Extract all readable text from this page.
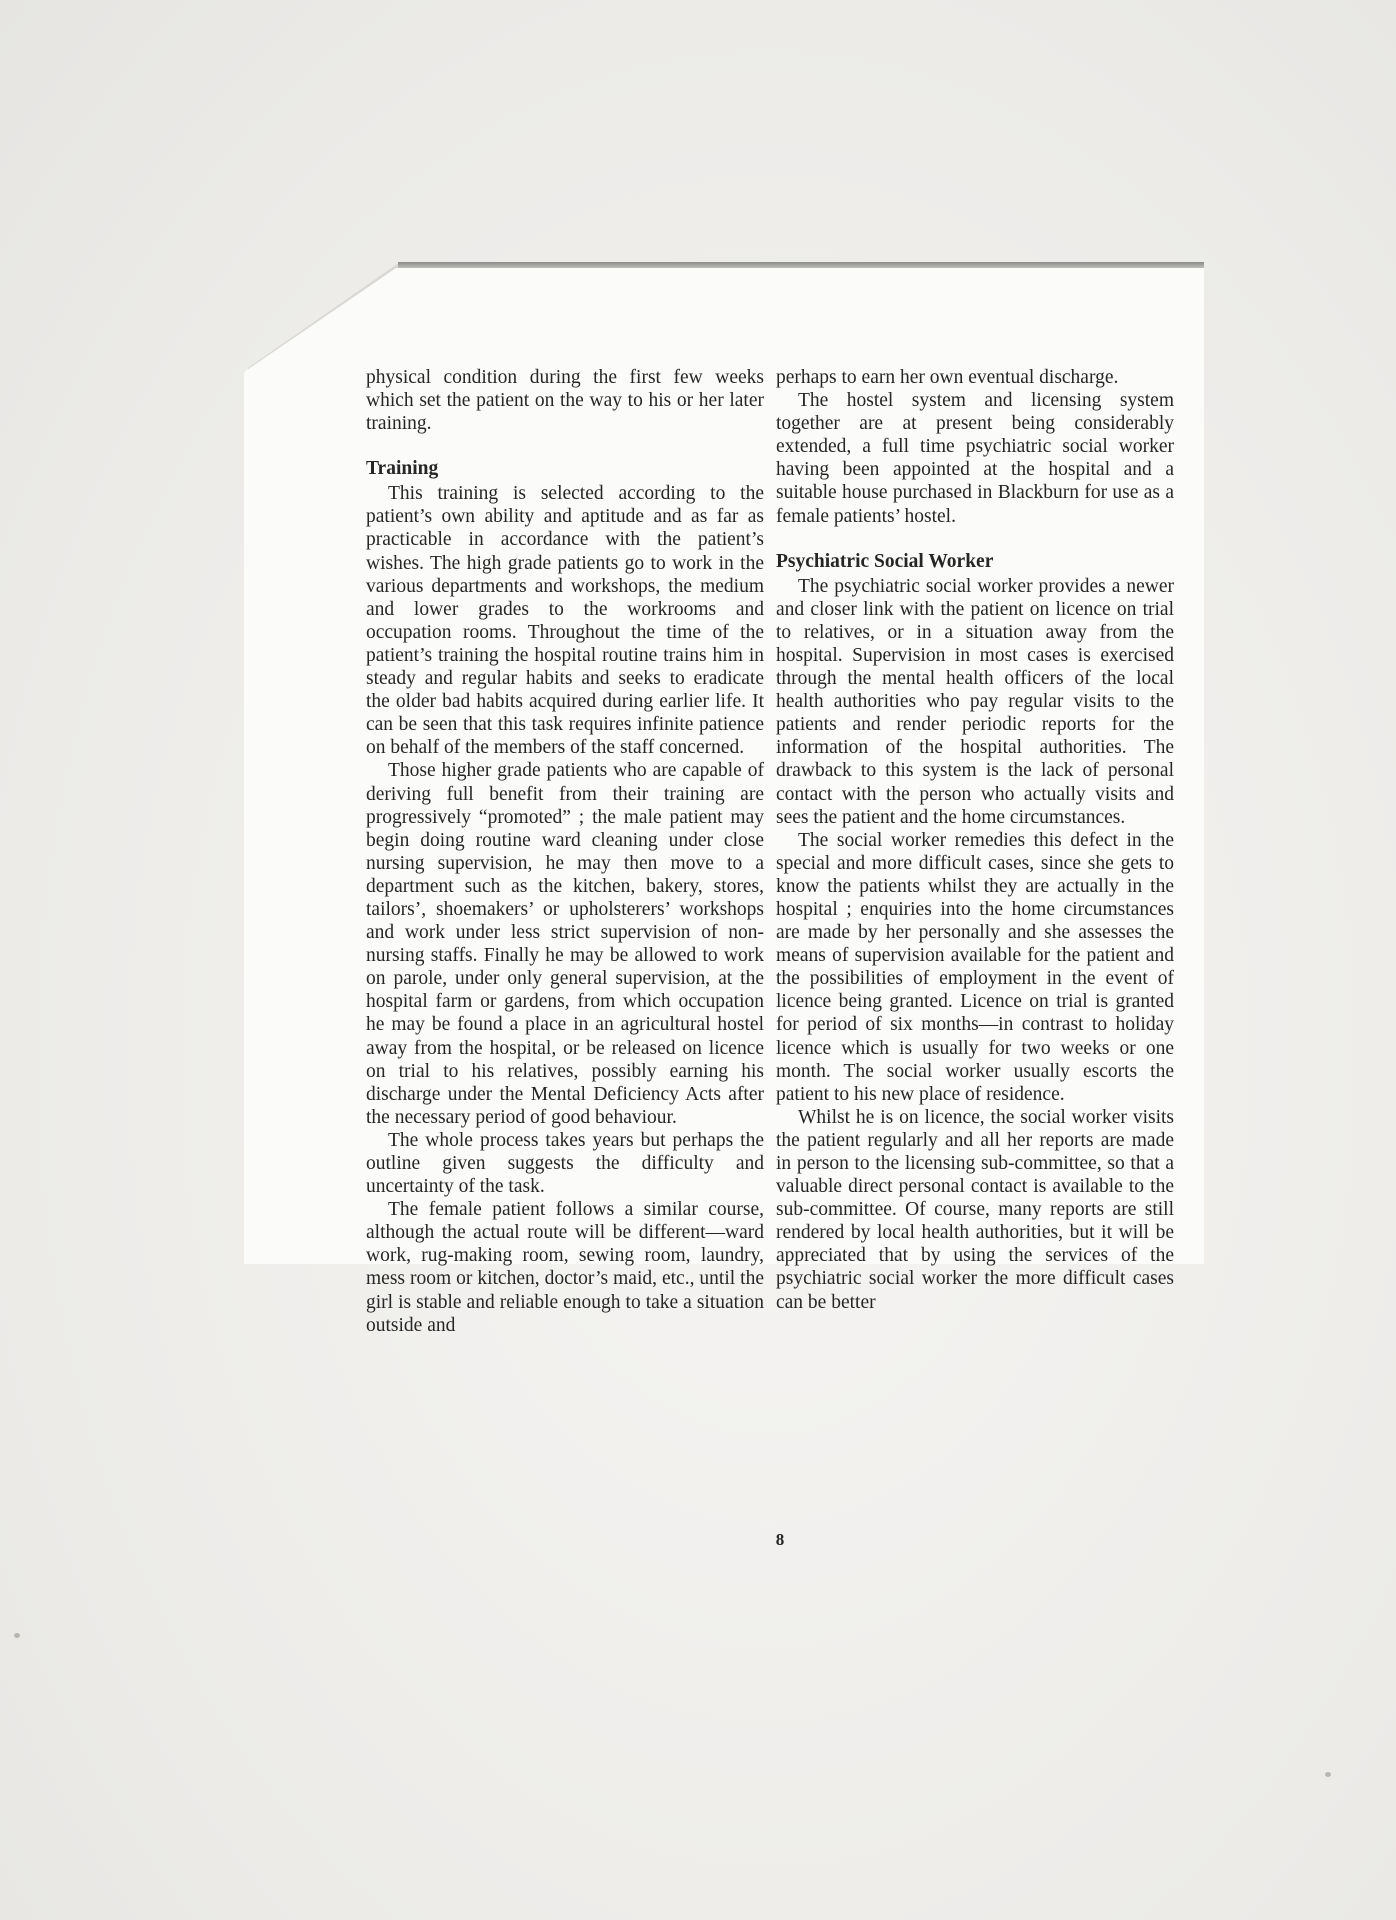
physical condition during the first few weeks which set the patient on the way to his or her later training.

Training

This training is selected according to the patient’s own ability and aptitude and as far as practicable in accordance with the patient’s wishes. The high grade patients go to work in the various departments and workshops, the medium and lower grades to the workrooms and occupation rooms. Throughout the time of the patient’s training the hospital routine trains him in steady and regular habits and seeks to eradicate the older bad habits acquired during earlier life. It can be seen that this task requires infinite patience on behalf of the members of the staff concerned.

Those higher grade patients who are capable of deriving full benefit from their training are progressively “promoted” ; the male patient may begin doing routine ward cleaning under close nursing supervision, he may then move to a department such as the kitchen, bakery, stores, tailors’, shoemakers’ or upholsterers’ workshops and work under less strict supervision of non-nursing staffs. Finally he may be allowed to work on parole, under only general supervision, at the hospital farm or gardens, from which occupation he may be found a place in an agricultural hostel away from the hospital, or be released on licence on trial to his relatives, possibly earning his discharge under the Mental Deficiency Acts after the necessary period of good behaviour.

The whole process takes years but perhaps the outline given suggests the difficulty and uncertainty of the task.

The female patient follows a similar course, although the actual route will be different—ward work, rug-making room, sewing room, laundry, mess room or kitchen, doctor’s maid, etc., until the girl is stable and reliable enough to take a situation outside and

perhaps to earn her own eventual discharge.

The hostel system and licensing system together are at present being considerably extended, a full time psychiatric social worker having been appointed at the hospital and a suitable house purchased in Blackburn for use as a female patients’ hostel.

Psychiatric Social Worker

The psychiatric social worker provides a newer and closer link with the patient on licence on trial to relatives, or in a situation away from the hospital. Supervision in most cases is exercised through the mental health officers of the local health authorities who pay regular visits to the patients and render periodic reports for the information of the hospital authorities. The drawback to this system is the lack of personal contact with the person who actually visits and sees the patient and the home circumstances.

The social worker remedies this defect in the special and more difficult cases, since she gets to know the patients whilst they are actually in the hospital ; enquiries into the home circumstances are made by her personally and she assesses the means of supervision available for the patient and the possibilities of employment in the event of licence being granted. Licence on trial is granted for period of six months—in contrast to holiday licence which is usually for two weeks or one month. The social worker usually escorts the patient to his new place of residence.

Whilst he is on licence, the social worker visits the patient regularly and all her reports are made in person to the licensing sub-committee, so that a valuable direct personal contact is available to the sub-committee. Of course, many reports are still rendered by local health authorities, but it will be appreciated that by using the services of the psychiatric social worker the more difficult cases can be better

8
